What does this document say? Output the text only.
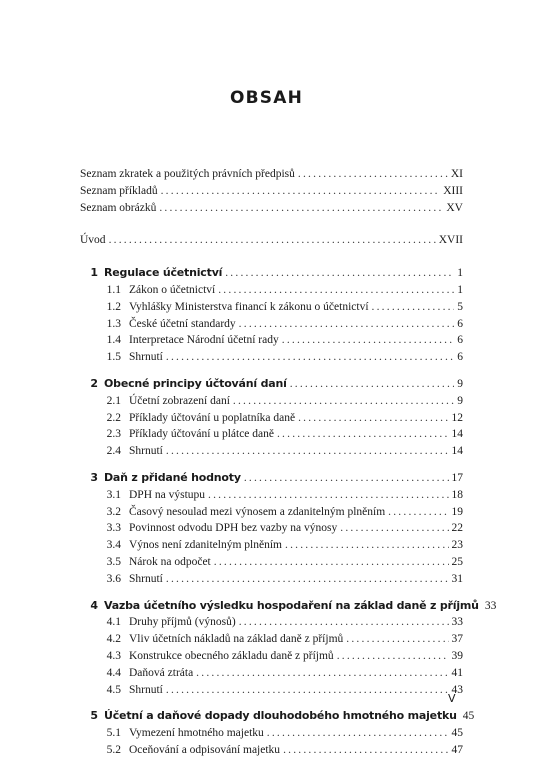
OBSAH
Seznam zkratek a použitých právních předpisů .....	XI
Seznam příkladů .....	XIII
Seznam obrázků .....	XV
Úvod .....	XVII
1 Regulace účetnictví .....	1
1.1 Zákon o účetnictví .....	1
1.2 Vyhlášky Ministerstva financí k zákonu o účetnictví .....	5
1.3 České účetní standardy .....	6
1.4 Interpretace Národní účetní rady .....	6
1.5 Shrnutí .....	6
2 Obecné principy účtování daní .....	9
2.1 Účetní zobrazení daní .....	9
2.2 Příklady účtování u poplatníka daně .....	12
2.3 Příklady účtování u plátce daně .....	14
2.4 Shrnutí .....	14
3 Daň z přidané hodnoty .....	17
3.1 DPH na výstupu .....	18
3.2 Časový nesoulad mezi výnosem a zdanitelným plněním .....	19
3.3 Povinnost odvodu DPH bez vazby na výnosy .....	22
3.4 Výnos není zdanitelným plněním .....	23
3.5 Nárok na odpočet .....	25
3.6 Shrnutí .....	31
4 Vazba účetního výsledku hospodaření na základ daně z příjmů 33
4.1 Druhy příjmů (výnosů) .....	33
4.2 Vliv účetních nákladů na základ daně z příjmů .....	37
4.3 Konstrukce obecného základu daně z příjmů .....	39
4.4 Daňová ztráta .....	41
4.5 Shrnutí .....	43
5 Účetní a daňové dopady dlouhodobého hmotného majetku 45
5.1 Vymezení hmotného majetku .....	45
5.2 Oceňování a odpisování majetku .....	47
V
